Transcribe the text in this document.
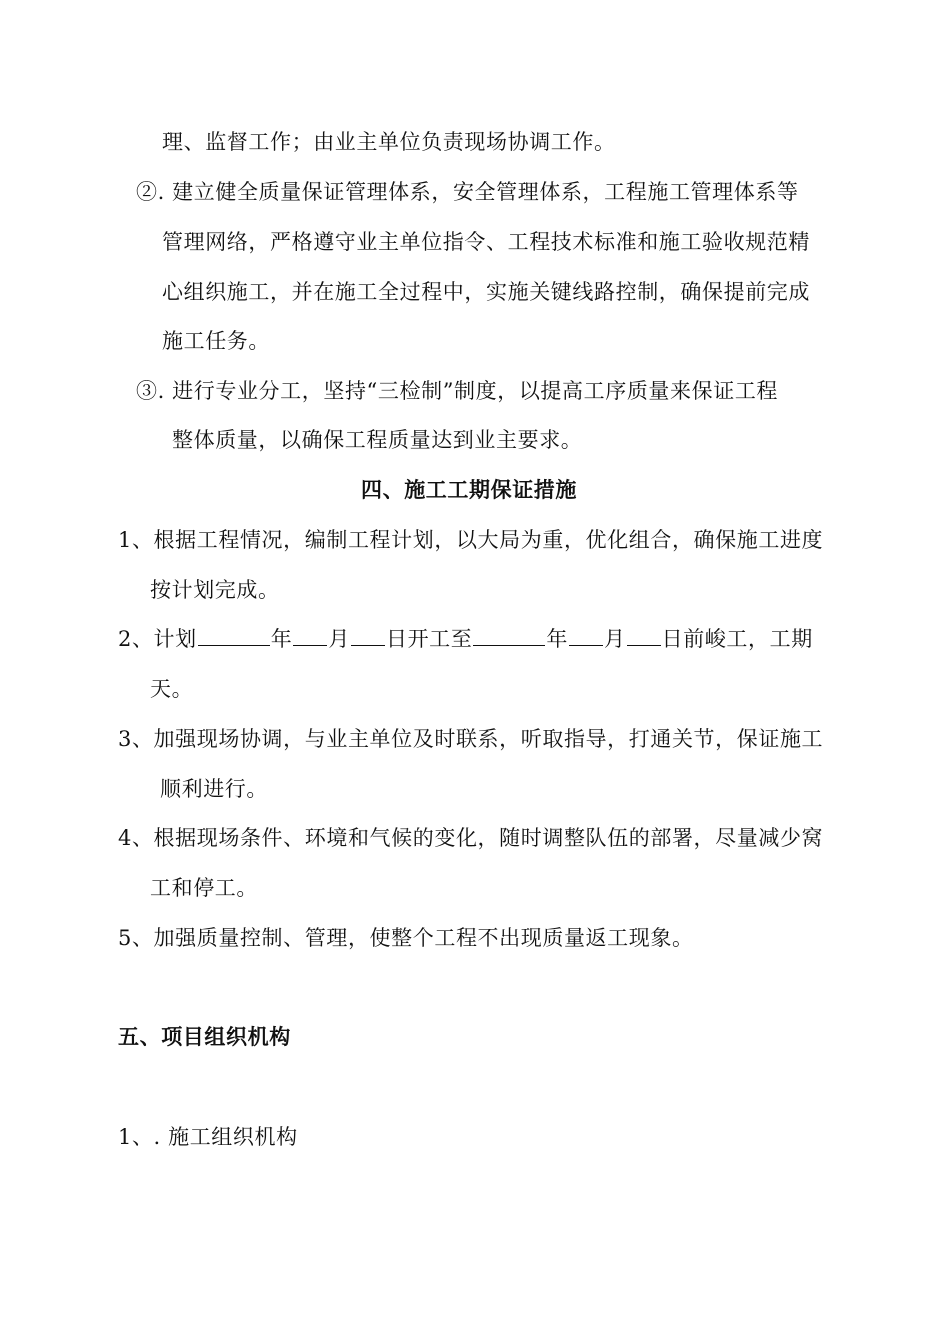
理、监督工作；由业主单位负责现场协调工作。
②. 建立健全质量保证管理体系，安全管理体系，工程施工管理体系等
管理网络，严格遵守业主单位指令、工程技术标准和施工验收规范精
心组织施工，并在施工全过程中，实施关键线路控制，确保提前完成
施工任务。
③. 进行专业分工，坚持“三检制”制度，以提高工序质量来保证工程
整体质量，以确保工程质量达到业主要求。
四、施工工期保证措施
1、根据工程情况，编制工程计划，以大局为重，优化组合，确保施工进度
按计划完成。
2、计划	年 月 日开工至	年 月 日前峻工，工期
天。
3、加强现场协调，与业主单位及时联系，听取指导，打通关节，保证施工
顺利进行。
4、根据现场条件、环境和气候的变化，随时调整队伍的部署，尽量减少窝
工和停工。
5、加强质量控制、管理，使整个工程不出现质量返工现象。
五、项目组织机构
1、. 施工组织机构
